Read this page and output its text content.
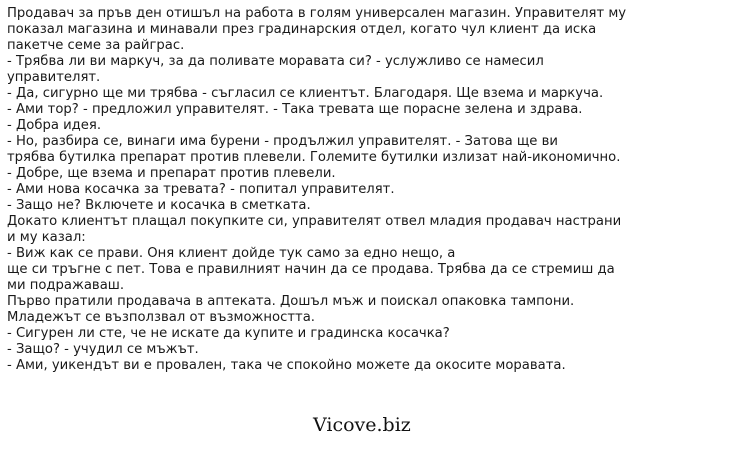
Продавач за пръв ден отишъл на работа в голям универсален магазин. Управителят му
показал магазина и минавали през градинарския отдел, когато чул клиент да иска
пакетче семе за райграс.
- Трябва ли ви маркуч, за да поливате моравата си? - услужливо се намесил
управителят.
- Да, сигурно ще ми трябва - съгласил се клиентът. Благодаря. Ще взема и маркуча.
- Ами тор? - предложил управителят. - Така тревата ще порасне зелена и здрава.
- Добра идея.
- Но, разбира се, винаги има бурени - продължил управителят. - Затова ще ви
трябва бутилка препарат против плевели. Големите бутилки излизат най-икономично.
- Добре, ще взема и препарат против плевели.
- Ами нова косачка за тревата? - попитал управителят.
- Защо не? Включете и косачка в сметката.
Докато клиентът плащал покупките си, управителят отвел младия продавач настрани
и му казал:
- Виж как се прави. Оня клиент дойде тук само за едно нещо, а
ще си тръгне с пет. Това е правилният начин да се продава. Трябва да се стремиш да
ми подражаваш.
Първо пратили продавача в аптеката. Дошъл мъж и поискал опаковка тампони.
Младежът се възползвал от възможността.
- Сигурен ли сте, че не искате да купите и градинска косачка?
- Защо? - учудил се мъжът.
- Ами, уикендът ви е провален, така че спокойно можете да окосите моравата.
Vicove.biz
